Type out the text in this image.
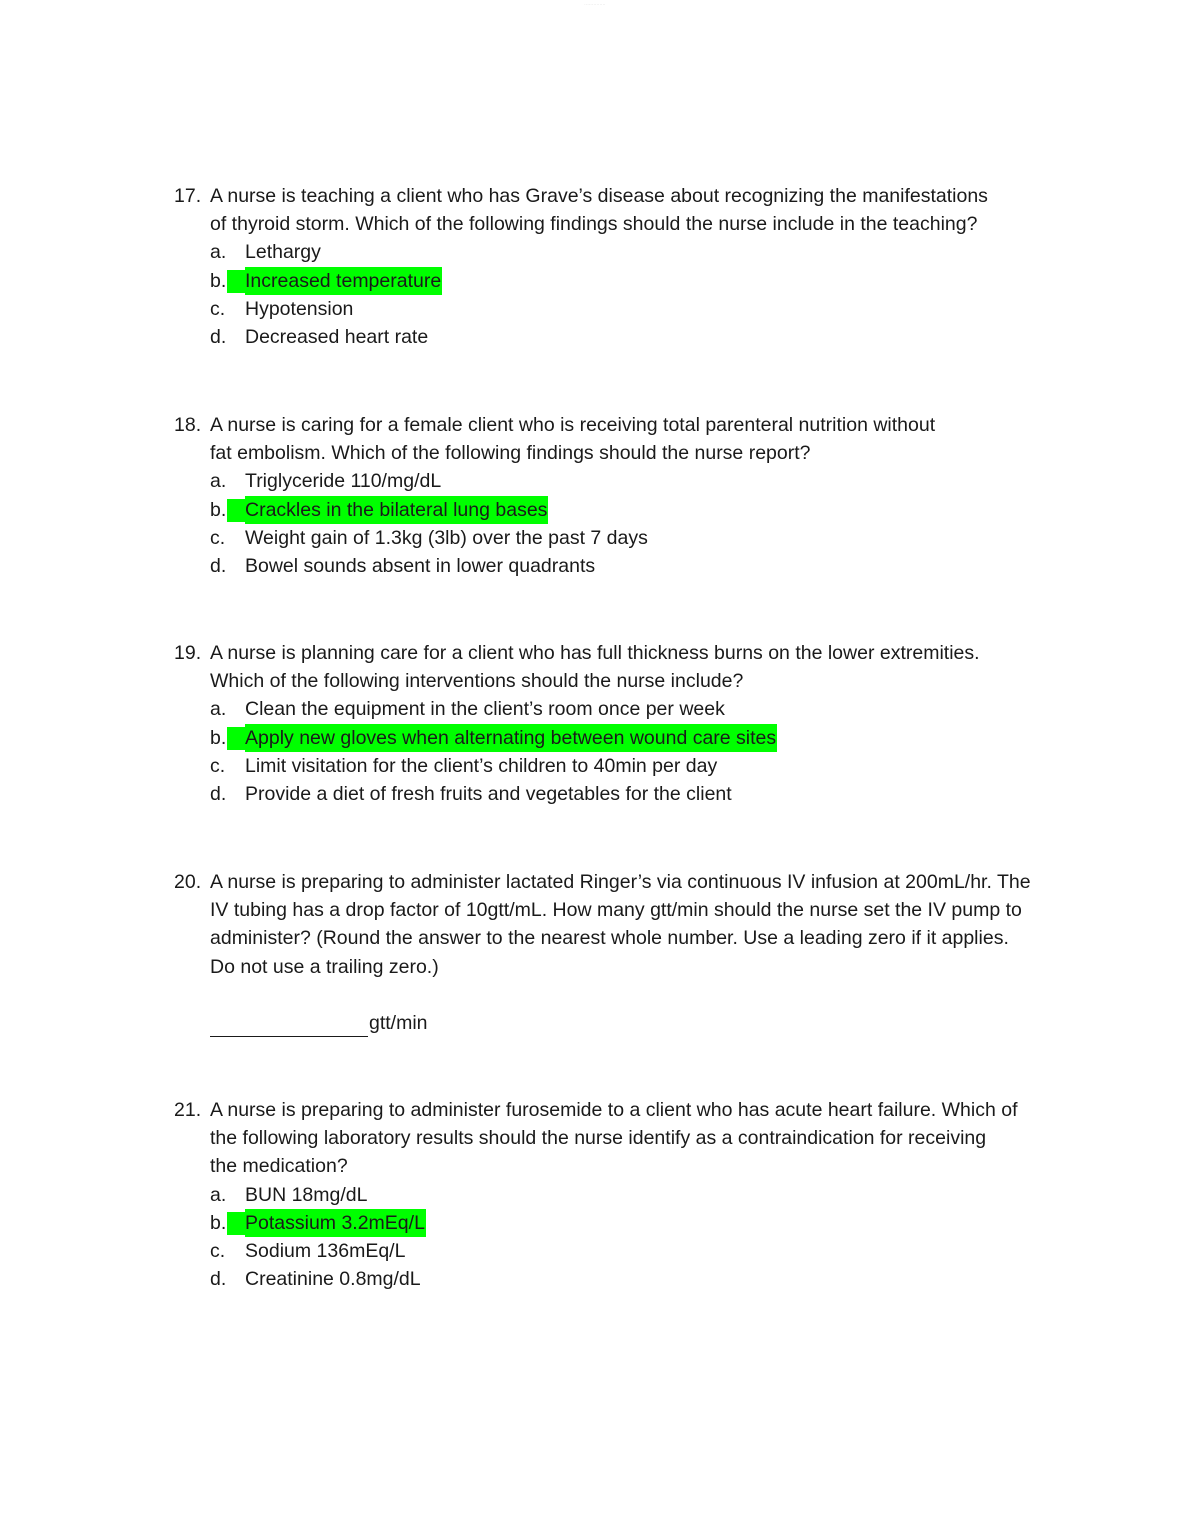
··············
17. A nurse is teaching a client who has Grave’s disease about recognizing the manifestations
of thyroid storm. Which of the following findings should the nurse include in the teaching?
a. Lethargy
b. Increased temperature
c.	Hypotension
d. Decreased heart rate
18. A nurse is caring for a female client who is receiving total parenteral nutrition without
fat embolism. Which of the following findings should the nurse report?
a. Triglyceride 110/mg/dL
b. Crackles in the bilateral lung bases
c.	Weight gain of 1.3kg (3lb) over the past 7 days
d. Bowel sounds absent in lower quadrants
19. A nurse is planning care for a client who has full thickness burns on the lower extremities.
Which of the following interventions should the nurse include?
a. Clean the equipment in the client’s room once per week
b. Apply new gloves when alternating between wound care sites
c.	Limit visitation for the client’s children to 40min per day
d. Provide a diet of fresh fruits and vegetables for the client
20. A nurse is preparing to administer lactated Ringer’s via continuous IV infusion at 200mL/hr. The
IV tubing has a drop factor of 10gtt/mL. How many gtt/min should the nurse set the IV pump to
administer? (Round the answer to the nearest whole number. Use a leading zero if it applies.
Do not use a trailing zero.)
gtt/min
21. A nurse is preparing to administer furosemide to a client who has acute heart failure. Which of
the following laboratory results should the nurse identify as a contraindication for receiving
the medication?
a. BUN 18mg/dL
b. Potassium 3.2mEq/L
c.	Sodium 136mEq/L
d. Creatinine 0.8mg/dL
